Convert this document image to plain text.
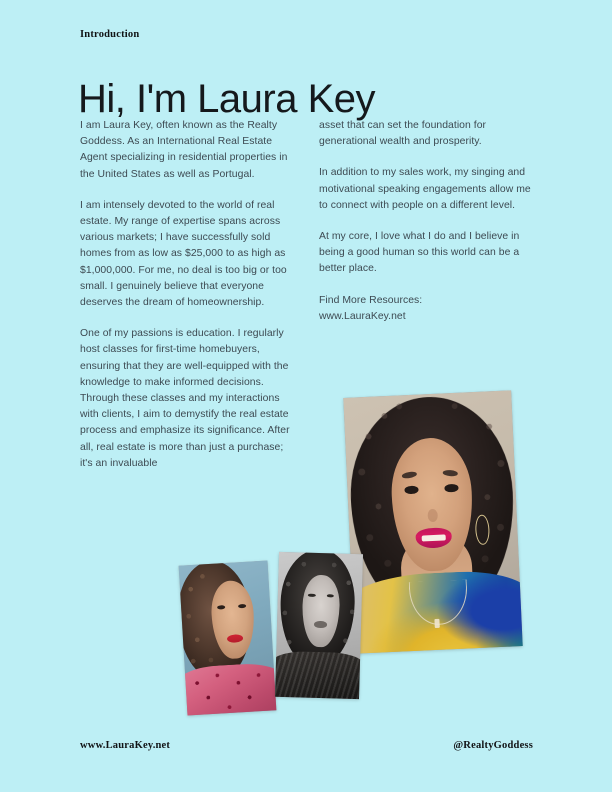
Introduction
Hi, I'm Laura Key

I am Laura Key, often known as the Realty Goddess. As an International Real Estate Agent specializing in residential properties in the United States as well as Portugal.

I am intensely devoted to the world of real estate. My range of expertise spans across various markets; I have successfully sold homes from as low as $25,000 to as high as $1,000,000. For me, no deal is too big or too small. I genuinely believe that everyone deserves the dream of homeownership.

One of my passions is education. I regularly host classes for first-time homebuyers, ensuring that they are well-equipped with the knowledge to make informed decisions. Through these classes and my interactions with clients, I aim to demystify the real estate process and emphasize its significance. After all, real estate is more than just a purchase; it's an invaluable

asset that can set the foundation for generational wealth and prosperity.

In addition to my sales work, my singing and motivational speaking engagements allow me to connect with people on a different level.

At my core, I love what I do and I believe in being a good human so this world can be a better place.

Find More Resources:
www.LauraKey.net

www.LauraKey.net	@RealtyGoddess
